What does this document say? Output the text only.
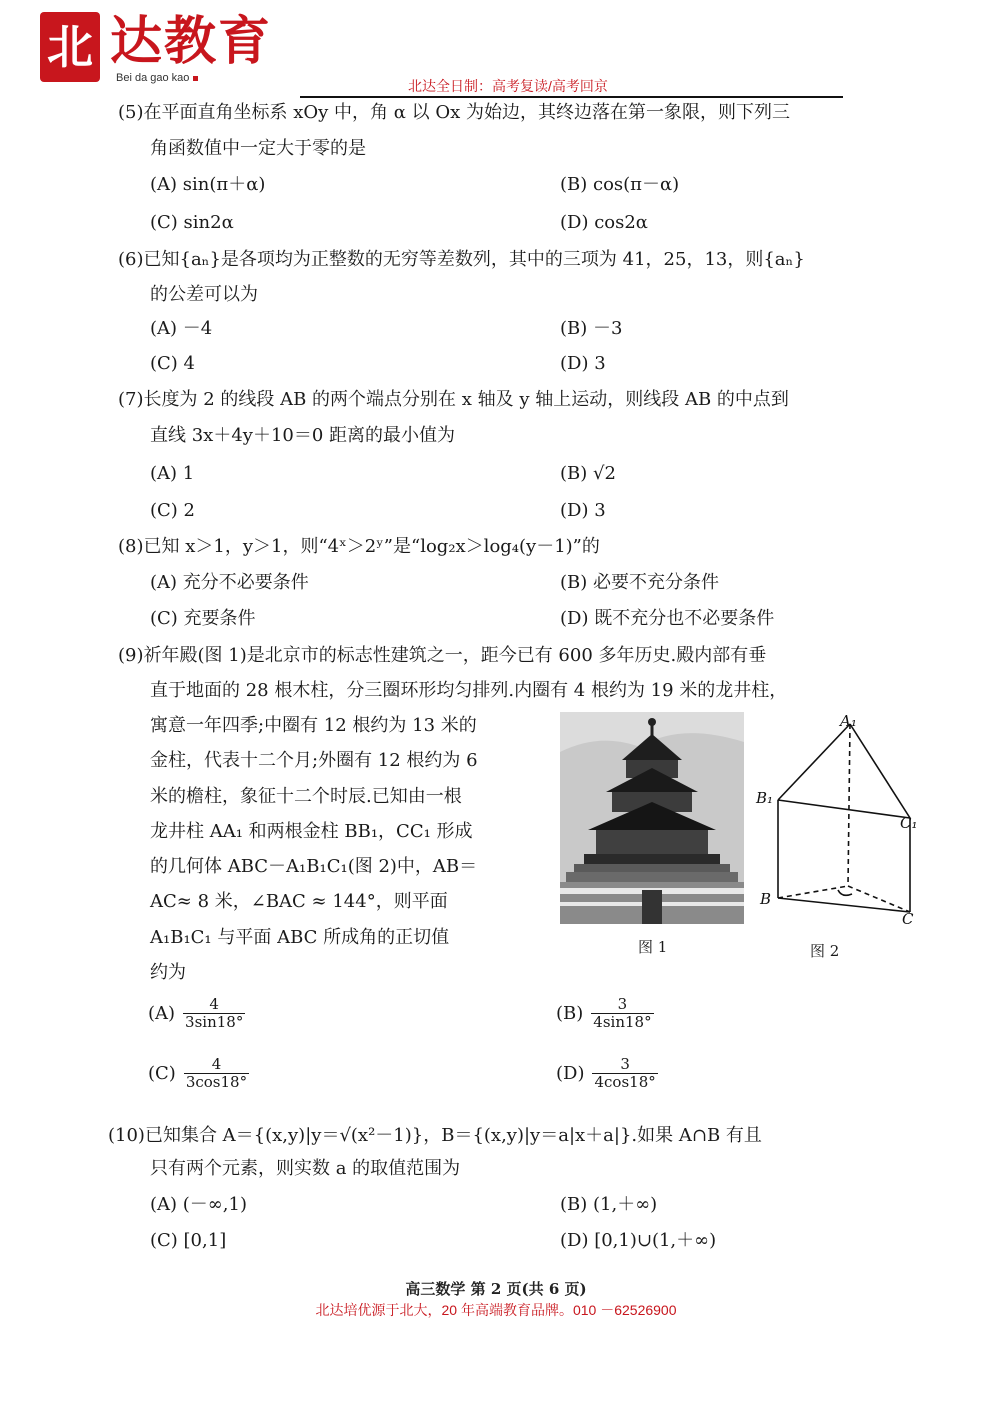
北 达教育
Bei da gao kao	北达全日制：高考复读/高考回京
(5)在平面直角坐标系 xOy 中，角 α 以 Ox 为始边，其终边落在第一象限，则下列三
角函数值中一定大于零的是
(A) sin(π＋α)	(B) cos(π－α)
(C) sin2α	(D) cos2α
(6)已知{aₙ}是各项均为正整数的无穷等差数列，其中的三项为 41，25，13，则{aₙ}
的公差可以为
(A) －4	(B) －3
(C) 4	(D) 3
(7)长度为 2 的线段 AB 的两个端点分别在 x 轴及 y 轴上运动，则线段 AB 的中点到
直线 3x＋4y＋10＝0 距离的最小值为
(A) 1	(B) √2
(C) 2	(D) 3
(8)已知 x＞1，y＞1，则“4ˣ＞2ʸ”是“log₂x＞log₄(y－1)”的
(A) 充分不必要条件	(B) 必要不充分条件
(C) 充要条件	(D) 既不充分也不必要条件
(9)祈年殿(图 1)是北京市的标志性建筑之一，距今已有 600 多年历史.殿内部有垂
直于地面的 28 根木柱，分三圈环形均匀排列.内圈有 4 根约为 19 米的龙井柱，
寓意一年四季;中圈有 12 根约为 13 米的
金柱，代表十二个月;外圈有 12 根约为 6
米的檐柱，象征十二个时辰.已知由一根
龙井柱 AA₁ 和两根金柱 BB₁，CC₁ 形成
的几何体 ABC－A₁B₁C₁(图 2)中，AB＝
AC≈ 8 米，∠BAC ≈ 144°，则平面
A₁B₁C₁ 与平面 ABC 所成角的正切值
约为
图 1
A₁
B₁
C₁
B
C
图 2
$(A) \frac{4}{3\sin 18^\circ}$	$(B) \frac{3}{4\sin 18^\circ}$
$(C) \frac{4}{3\cos 18^\circ}$	$(D) \frac{3}{4\cos 18^\circ}$
(10)已知集合 A＝{(x,y)|y＝√(x²－1)}，B＝{(x,y)|y＝a|x＋a|}.如果 A∩B 有且
只有两个元素，则实数 a 的取值范围为
(A) (－∞,1)	(B) (1,＋∞)
(C) [0,1]	(D) [0,1)∪(1,＋∞)
高三数学 第 2 页(共 6 页)
北达培优源于北大，20 年高端教育品牌。010 －62526900
